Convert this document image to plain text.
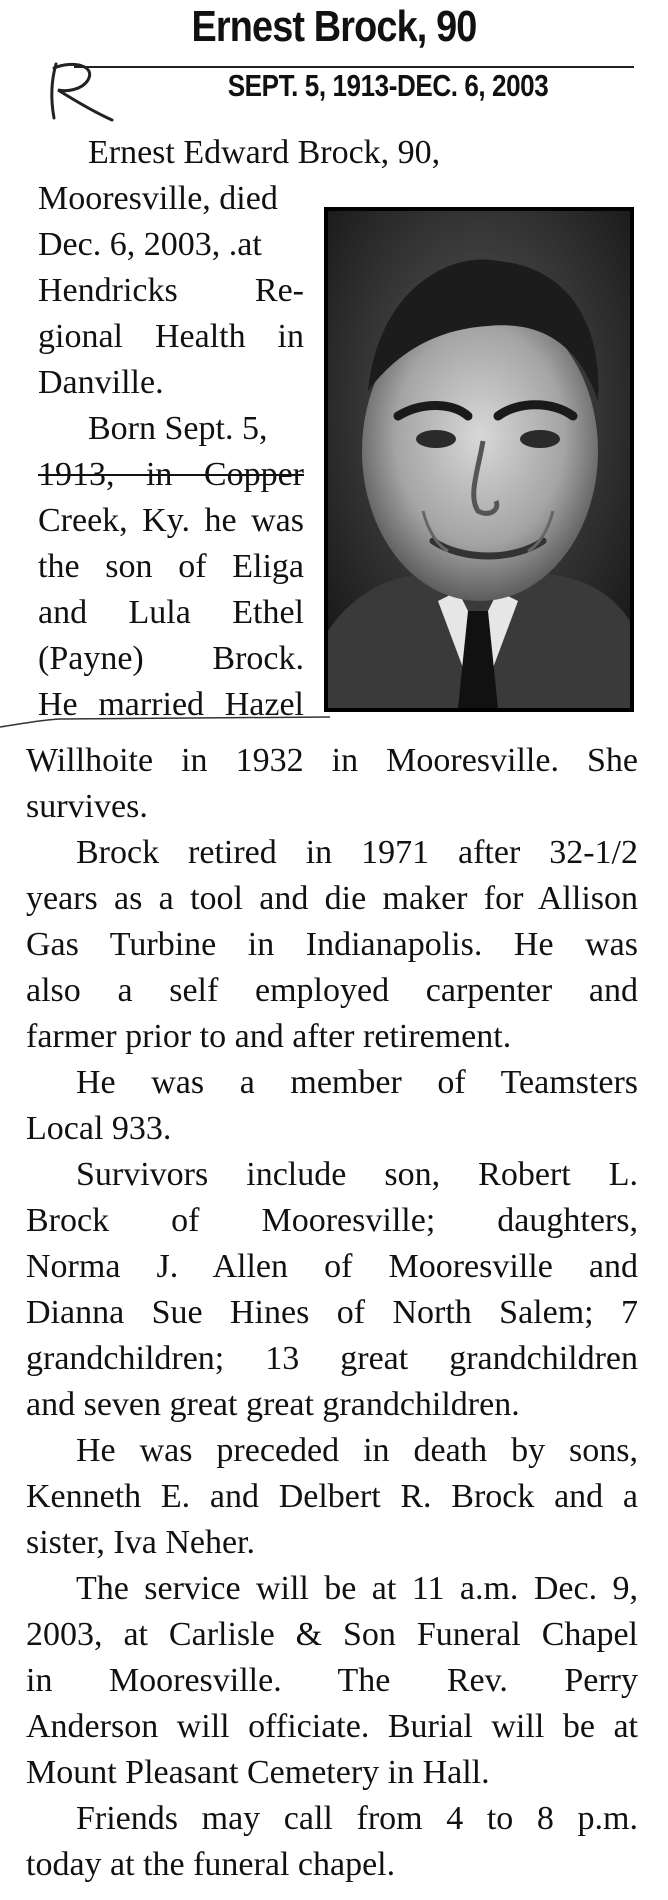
Ernest Brock, 90
SEPT. 5, 1913-DEC. 6, 2003
Ernest Edward Brock, 90,
Mooresville, died
Dec. 6, 2003, .at
Hendricks Re-
gional Health in
Danville.
Born Sept. 5,
1913, in Copper
Creek, Ky. he was
the son of Eliga
and Lula Ethel
(Payne) Brock.
He married Hazel
Willhoite in 1932 in Mooresville. She
survives.
Brock retired in 1971 after 32-1/2
years as a tool and die maker for Allison
Gas Turbine in Indianapolis. He was
also a self employed carpenter and
farmer prior to and after retirement.
He was a member of Teamsters
Local 933.
Survivors include son, Robert L.
Brock of Mooresville; daughters,
Norma J. Allen of Mooresville and
Dianna Sue Hines of North Salem; 7
grandchildren; 13 great grandchildren
and seven great great grandchildren.
He was preceded in death by sons,
Kenneth E. and Delbert R. Brock and a
sister, Iva Neher.
The service will be at 11 a.m. Dec. 9,
2003, at Carlisle & Son Funeral Chapel
in Mooresville. The Rev. Perry
Anderson will officiate. Burial will be at
Mount Pleasant Cemetery in Hall.
Friends may call from 4 to 8 p.m.
today at the funeral chapel.
